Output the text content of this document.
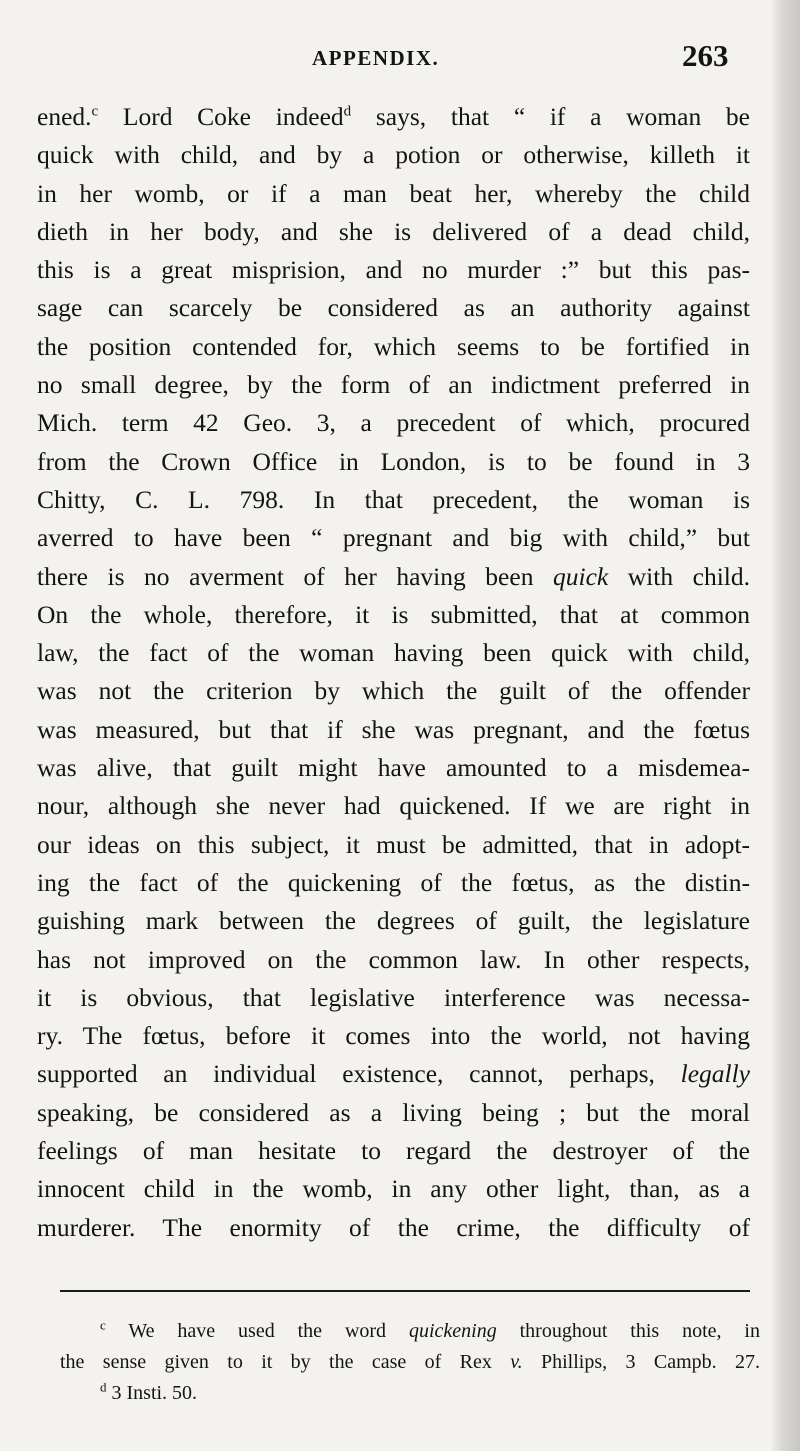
APPENDIX.	263
ened.$^c$ Lord Coke indeed$^d$ says, that “ if a woman be
quick with child, and by a potion or otherwise, killeth it
in her womb, or if a man beat her, whereby the child
dieth in her body, and she is delivered of a dead child,
this is a great misprision, and no murder :” but this pas-
sage can scarcely be considered as an authority against
the position contended for, which seems to be fortified in
no small degree, by the form of an indictment preferred in
Mich. term 42 Geo. 3, a precedent of which, procured
from the Crown Office in London, is to be found in 3
Chitty, C. L. 798. In that precedent, the woman is
averred to have been “ pregnant and big with child,” but
there is no averment of her having been quick with child.
On the whole, therefore, it is submitted, that at common
law, the fact of the woman having been quick with child,
was not the criterion by which the guilt of the offender
was measured, but that if she was pregnant, and the fœtus
was alive, that guilt might have amounted to a misdemea-
nour, although she never had quickened. If we are right in
our ideas on this subject, it must be admitted, that in adopt-
ing the fact of the quickening of the fœtus, as the distin-
guishing mark between the degrees of guilt, the legislature
has not improved on the common law. In other respects,
it is obvious, that legislative interference was necessa-
ry. The fœtus, before it comes into the world, not having
supported an individual existence, cannot, perhaps, legally
speaking, be considered as a living being ; but the moral
feelings of man hesitate to regard the destroyer of the
innocent child in the womb, in any other light, than, as a
murderer. The enormity of the crime, the difficulty of
$^c$ We have used the word quickening throughout this note, in
the sense given to it by the case of Rex v. Phillips, 3 Campb. 27.
$^d$ 3 Insti. 50.
